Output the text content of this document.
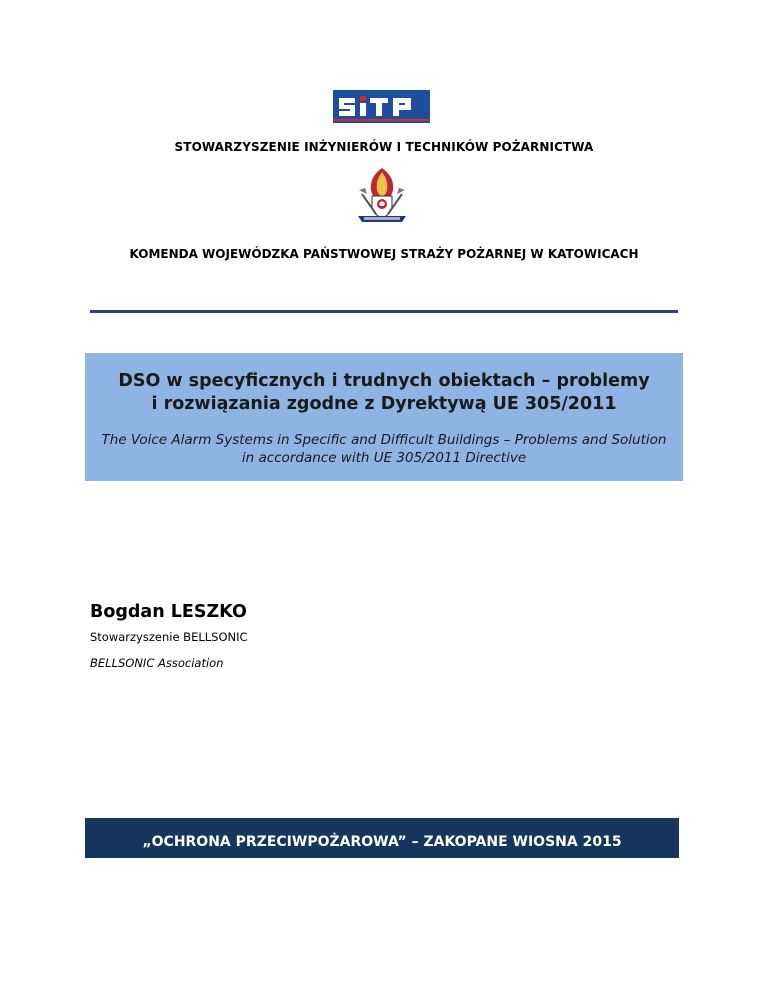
STOWARZYSZENIE INŻYNIERÓW I TECHNIKÓW POŻARNICTWA
KOMENDA WOJEWÓDZKA PAŃSTWOWEJ STRAŻY POŻARNEJ W KATOWICACH
DSO w specyficznych i trudnych obiektach – problemy
i rozwiązania zgodne z Dyrektywą UE 305/2011
The Voice Alarm Systems in Specific and Difficult Buildings – Problems and Solution
in accordance with UE 305/2011 Directive
Bogdan LESZKO
Stowarzyszenie BELLSONIC
BELLSONIC Association
„OCHRONA PRZECIWPOŻAROWA” – ZAKOPANE WIOSNA 2015
